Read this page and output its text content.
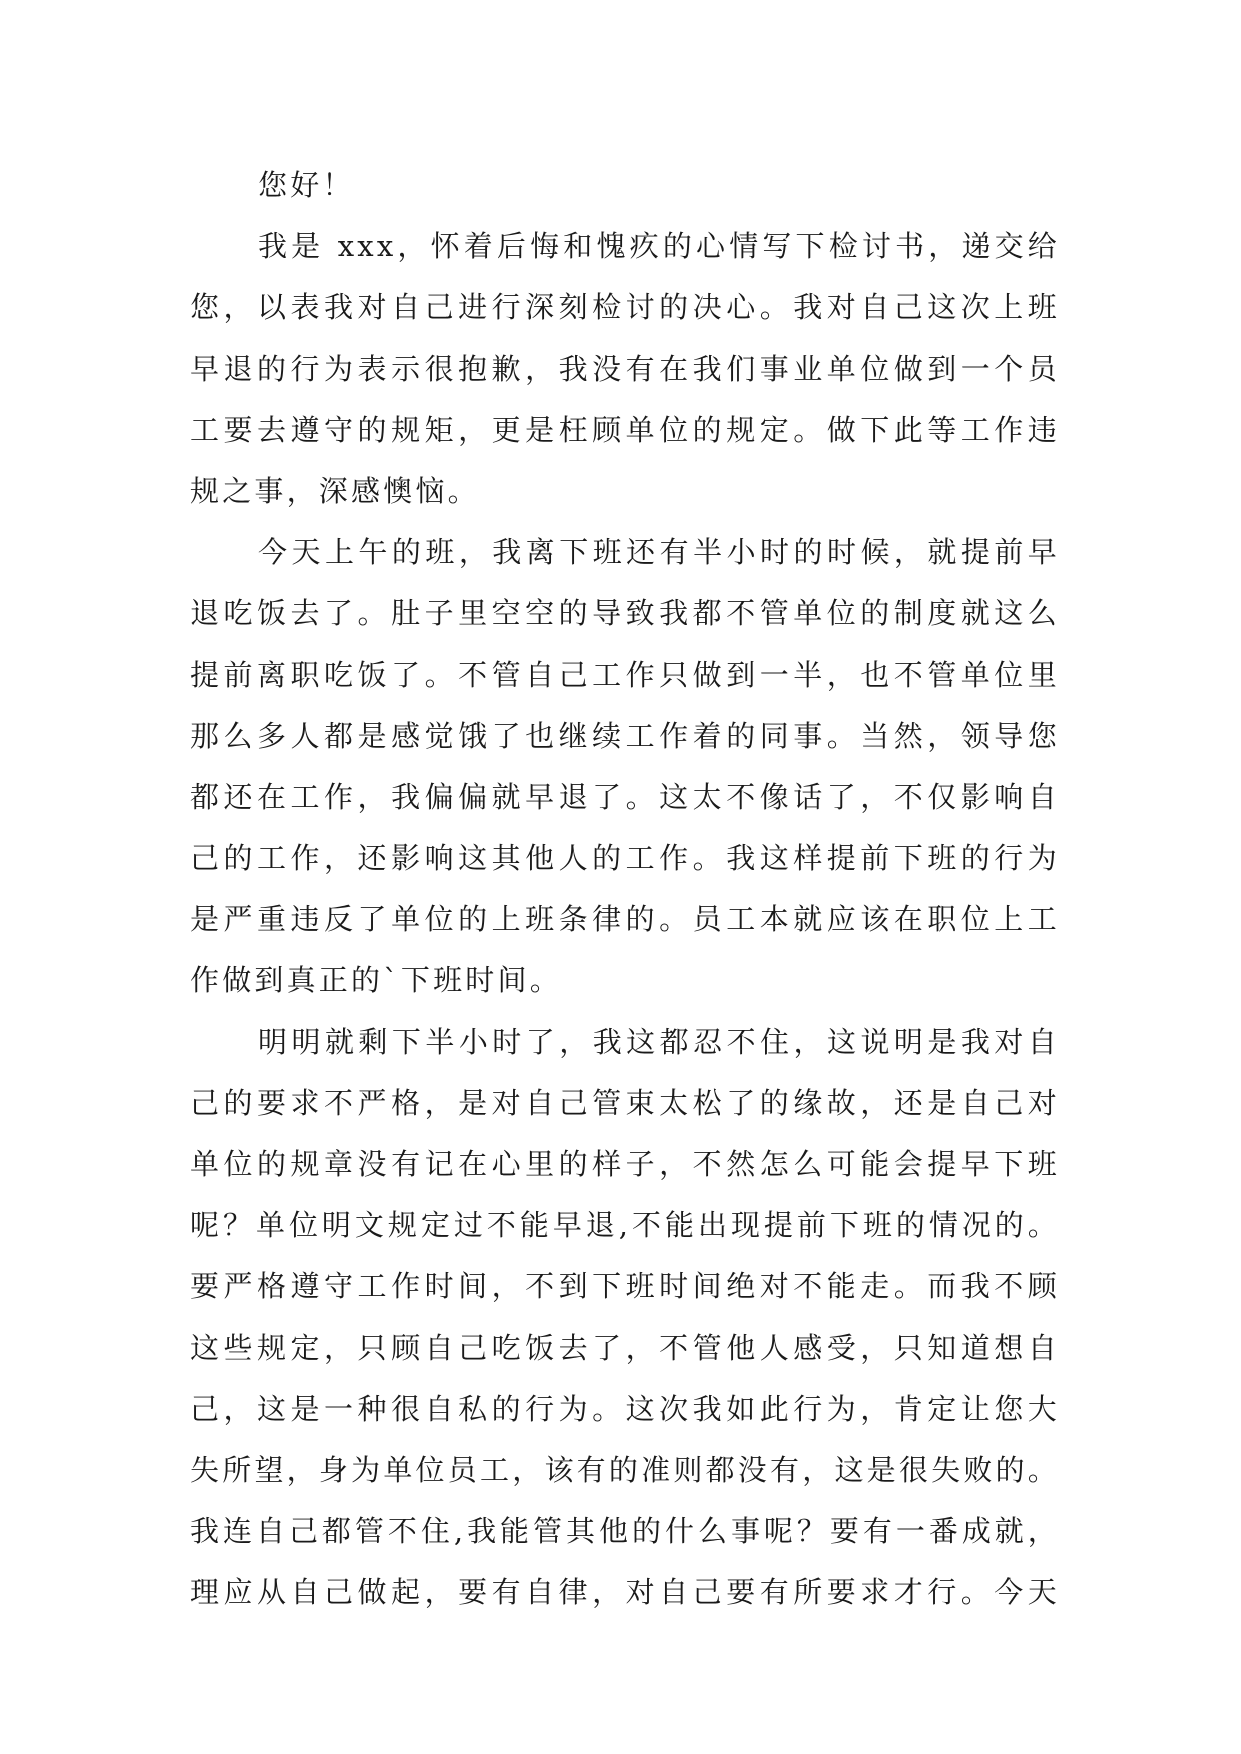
您好！
我是 xxx，怀着后悔和愧疚的心情写下检讨书，递交给
您，以表我对自己进行深刻检讨的决心。我对自己这次上班
早退的行为表示很抱歉，我没有在我们事业单位做到一个员
工要去遵守的规矩，更是枉顾单位的规定。做下此等工作违
规之事，深感懊恼。
今天上午的班，我离下班还有半小时的时候，就提前早
退吃饭去了。肚子里空空的导致我都不管单位的制度就这么
提前离职吃饭了。不管自己工作只做到一半，也不管单位里
那么多人都是感觉饿了也继续工作着的同事。当然，领导您
都还在工作，我偏偏就早退了。这太不像话了，不仅影响自
己的工作，还影响这其他人的工作。我这样提前下班的行为
是严重违反了单位的上班条律的。员工本就应该在职位上工
作做到真正的`下班时间。
明明就剩下半小时了，我这都忍不住，这说明是我对自
己的要求不严格，是对自己管束太松了的缘故，还是自己对
单位的规章没有记在心里的样子，不然怎么可能会提早下班
呢？单位明文规定过不能早退,不能出现提前下班的情况的。
要严格遵守工作时间，不到下班时间绝对不能走。而我不顾
这些规定，只顾自己吃饭去了，不管他人感受，只知道想自
己，这是一种很自私的行为。这次我如此行为，肯定让您大
失所望，身为单位员工，该有的准则都没有，这是很失败的。
我连自己都管不住,我能管其他的什么事呢？要有一番成就，
理应从自己做起，要有自律，对自己要有所要求才行。今天
